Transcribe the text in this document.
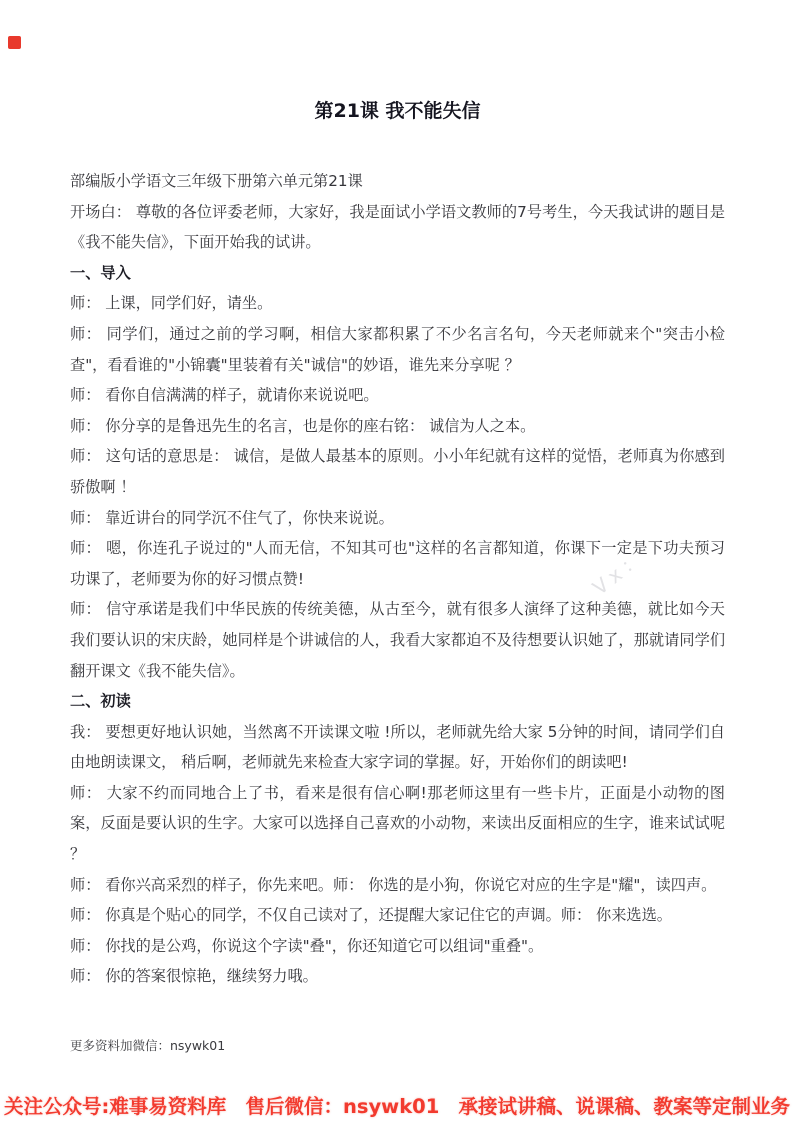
第21课 我不能失信

部编版小学语文三年级下册第六单元第21课

开场白： 尊敬的各位评委老师，大家好，我是面试小学语文教师的7号考生，今天我试讲的题目是《我不能失信》，下面开始我的试讲。

一、导入

师： 上课，同学们好，请坐。

师： 同学们，通过之前的学习啊，相信大家都积累了不少名言名句，今天老师就来个"突击小检查"，看看谁的"小锦囊"里装着有关"诚信"的妙语，谁先来分享呢 ？

师： 看你自信满满的样子，就请你来说说吧。

师： 你分享的是鲁迅先生的名言，也是你的座右铭： 诚信为人之本。

师： 这句话的意思是： 诚信，是做人最基本的原则。小小年纪就有这样的觉悟，老师真为你感到骄傲啊 ！

师： 靠近讲台的同学沉不住气了，你快来说说。

师： 嗯，你连孔子说过的"人而无信，不知其可也"这样的名言都知道，你课下一定是下功夫预习功课了，老师要为你的好习惯点赞!

师： 信守承诺是我们中华民族的传统美德，从古至今，就有很多人演绎了这种美德，就比如今天我们要认识的宋庆龄，她同样是个讲诚信的人，我看大家都迫不及待想要认识她了，那就请同学们翻开课文《我不能失信》。

二、初读

我： 要想更好地认识她，当然离不开读课文啦 !所以，老师就先给大家 5分钟的时间，请同学们自由地朗读课文， 稍后啊，老师就先来检查大家字词的掌握。好，开始你们的朗读吧!

师： 大家不约而同地合上了书，看来是很有信心啊!那老师这里有一些卡片，正面是小动物的图案，反面是要认识的生字。大家可以选择自己喜欢的小动物，来读出反面相应的生字，谁来试试呢 ？

师： 看你兴高采烈的样子，你先来吧。师： 你选的是小狗，你说它对应的生字是"耀"，读四声。

师： 你真是个贴心的同学，不仅自己读对了，还提醒大家记住它的声调。师： 你来选选。

师： 你找的是公鸡，你说这个字读"叠"，你还知道它可以组词"重叠"。

师： 你的答案很惊艳，继续努力哦。

Vx：
更多资料加微信：nsywk01
关注公众号:难事易资料库 售后微信：nsywk01 承接试讲稿、说课稿、教案等定制业务
